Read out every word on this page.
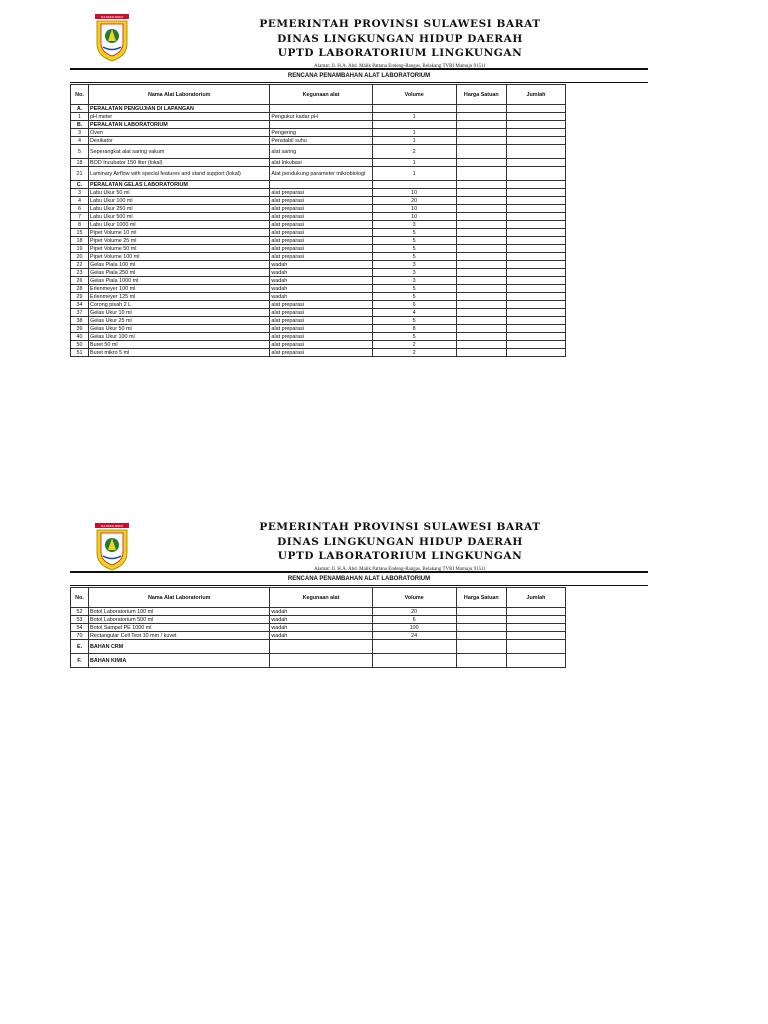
SULAWESI BARAT
PEMERINTAH PROVINSI SULAWESI BARAT
DINAS LINGKUNGAN HIDUP DAERAH
UPTD LABORATORIUM LINGKUNGAN
Alamat: Jl. H.A. Abd. Malik Pattana Endeng-Rangas, Belakang TVRI Mamuju 91511
RENCANA PENAMBAHAN ALAT LABORATORIUM
No.	Nama Alat Laboratorium	Kegunaan alat	Volume	Harga Satuan	Jumlah
A.	PERALATAN PENGUJIAN DI LAPANGAN				
1	pH meter	Pengukur kadar pH	1		
B.	PERALATAN LABORATORIUM				
3	Oven	Pengering	1		
4	Desikator	Penstabil suhu	1		
5	Seperangkat alat saring vakum	alat saring	2		
18	BOD Incubator 150 liter (lokal)	alat Inkubasi	1		
21	Laminary Airflow with special features and stand support (lokal)	Alat pendukung parameter mikrobiologi	1		
C.	PERALATAN GELAS LABORATORIUM				
3	Labu Ukur 50 ml	alat preparasi	10		
4	Labu Ukur 100 ml	alat preparasi	20		
6	Labu Ukur 250 ml	alat preparasi	10		
7	Labu Ukur 500 ml	alat preparasi	10		
8	Labu Ukur 1000 ml	alat preparasi	3		
15	Pipet Volume 10 ml	alat preparasi	5		
18	Pipet Volume 25 ml	alat preparasi	5		
19	Pipet Volume 50 ml	alat preparasi	5		
20	Pipet Volume 100 ml	alat preparasi	5		
22	Gelas Piala 100 ml	wadah	3		
23	Gelas Piala 250 ml	wadah	3		
26	Gelas Piala 1000 ml	wadah	3		
28	Erlenmeyer 100 ml	wadah	5		
29	Erlenmeyer 125 ml	wadah	5		
34	Corong pisah 2 L	alat preparasi	6		
37	Gelas Ukur 10 ml	alat preparasi	4		
38	Gelas Ukur 25 ml	alat preparasi	5		
39	Gelas Ukur 50 ml	alat preparasi	8		
40	Gelas Ukur 100 ml	alat preparasi	5		
50	Buret 50 ml	alat preparasi	2		
51	Buret mikro 5 ml	alat preparasi	2		
SULAWESI BARAT	PEMERINTAH PROVINSI SULAWESI BARAT
DINAS LINGKUNGAN HIDUP DAERAH
UPTD LABORATORIUM LINGKUNGAN
Alamat: Jl. H.A. Abd. Malik Pattana Endeng-Rangas, Belakang TVRI Mamuju 91511
RENCANA PENAMBAHAN ALAT LABORATORIUM
No.	Nama Alat Laboratorium	Kegunaan alat	Volume	Harga Satuan	Jumlah
52	Botol Laboratorium 100 ml	wadah	20		
53	Botol Laboratorium 500 ml	wadah	6		
54	Botol Sampel PE 1000 ml	wadah	100		
70	Rectangular Cell Test 10 mm / kuvet	wadah	24		
E.	BAHAN CRM				
F.	BAHAN KIMIA				
